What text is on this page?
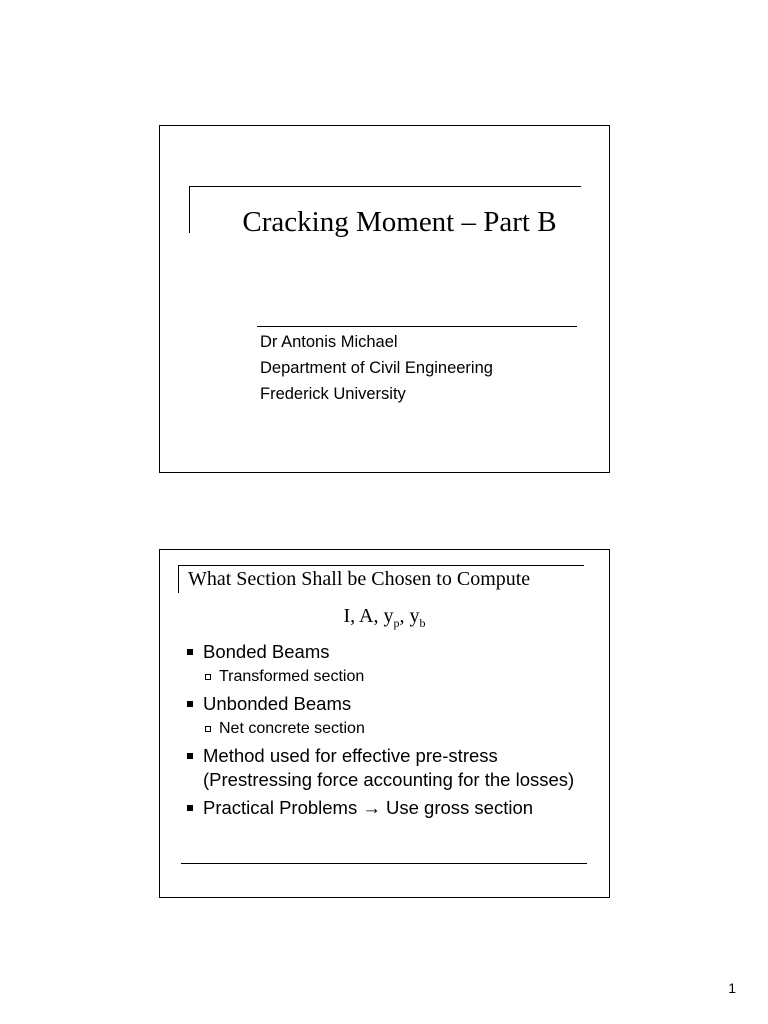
Cracking Moment – Part B
Dr Antonis Michael
Department of Civil Engineering
Frederick University
What Section Shall be Chosen to Compute
I, A, $y_p$, $y_b$
Bonded Beams
Transformed section
Unbonded Beams
Net concrete section
Method used for effective pre-stress (Prestressing force accounting for the losses)
Practical Problems → Use gross section
1
